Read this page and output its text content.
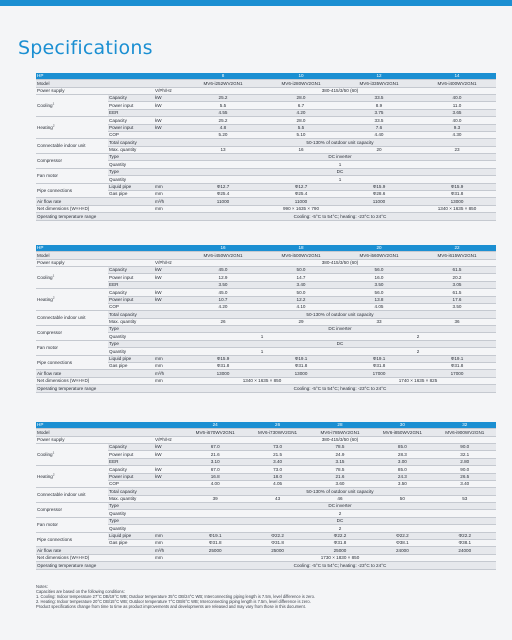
Specifications
HP			8	10	12	14
Model			MV6-i252WV2GN1	MV6-i280WV2GN1	MV6-i335WV2GN1	MV6-i400WV2GN1
Power supply		V/Ph/Hz	380-415/3/50 (60)			
Cooling$^1$	Capacity	kW	25.2	28.0	33.5	40.0
	Power input	kW	5.5	6.7	8.9	11.0
	EER		4.55	4.20	3.75	3.65
Heating$^2$	Capacity	kW	25.2	28.0	33.5	40.0
	Power input	kW	4.8	5.5	7.6	9.3
	COP		5.20	5.10	4.40	4.30
Connectable indoor unit	Total capacity		50-130% of outdoor unit capacity			
	Max. quantity		13	16	20	23
Compressor	Type		DC inverter			
	Quantity		1			
Fan motor	Type		DC			
	Quantity		1			
Pipe connections	Liquid pipe	mm	Φ12.7	Φ12.7	Φ15.9	Φ15.9
	Gas pipe	mm	Φ25.4	Φ25.4	Φ28.6	Φ31.8
Air flow rate		m³/h	11000	11000	11000	13000
Net dimensions (W×H×D)		mm	990 × 1635 × 790			1340 × 1635 × 850
Operating temperature range			Cooling: -5°C to 54°C; heating: -23°C to 24°C			
HP			16	18	20	22
Model			MV6-i450WV2GN1	MV6-i500WV2GN1	MV6-i560WV2GN1	MV6-i615WV2GN1
Power supply		V/Ph/Hz	380-415/3/50 (60)			
Cooling$^1$	Capacity	kW	45.0	50.0	56.0	61.5
	Power input	kW	12.9	14.7	16.0	20.2
	EER		3.50	3.40	3.50	3.05
Heating$^2$	Capacity	kW	45.0	50.0	56.0	61.5
	Power input	kW	10.7	12.2	13.8	17.6
	COP		4.20	4.10	4.05	3.50
Connectable indoor unit	Total capacity		50-130% of outdoor unit capacity			
	Max. quantity		26	29	33	36
Compressor	Type		DC inverter			
	Quantity		1		2	
Fan motor	Type		DC			
	Quantity		1		2	
Pipe connections	Liquid pipe	mm	Φ15.9	Φ19.1	Φ19.1	Φ19.1
	Gas pipe	mm	Φ31.8	Φ31.8	Φ31.8	Φ31.8
Air flow rate		m³/h	13000	13000	17000	17000
Net dimensions (W×H×D)		mm	1340 × 1635 × 850		1740 × 1635 × 825	
Operating temperature range			Cooling: -5°C to 54°C; heating: -23°C to 24°C			
HP			24	26	28	30	32
Model			MV6-i670WV2GN1	MV6-i730WV2GN1	MV6-i785WV2GN1	MV6-i850WV2GN1	MV6-i900WV2GN1
Power supply		V/Ph/Hz	380-415/3/50 (60)				
Cooling$^1$	Capacity	kW	67.0	73.0	78.5	85.0	90.0
	Power input	kW	21.6	21.5	24.9	28.3	32.1
	EER		3.10	3.40	3.15	3.00	2.80
Heating$^2$	Capacity	kW	67.0	73.0	78.5	85.0	90.0
	Power input	kW	16.8	18.0	21.6	24.3	26.5
	COP		4.00	4.05	3.60	3.50	3.40
Connectable indoor unit	Total capacity		50-130% of outdoor unit capacity				
	Max. quantity		39	43	46	50	53
Compressor	Type		DC inverter				
	Quantity		2				
Fan motor	Type		DC				
	Quantity		2				
Pipe connections	Liquid pipe	mm	Φ19.1	Φ22.2	Φ22.2	Φ22.2	Φ22.2
	Gas pipe	mm	Φ31.8	Φ31.8	Φ31.8	Φ38.1	Φ38.1
Air flow rate		m³/h	25000	25000	25000	24000	24000
Net dimensions (W×H×D)		mm	1730 × 1830 × 850				
Operating temperature range			Cooling: -5°C to 54°C; heating: -23°C to 24°C				
Notes:
Capacities are based on the following conditions:
1. Cooling: Indoor temperature 27°C DB/19°C WB; Outdoor temperature 35°C DB/24°C WB; Interconnecting piping length is 7.5m, level difference is zero.
2. Heating: Indoor temperature 20°C DB/15°C WB; Outdoor temperature 7°C DB/6°C WB; Interconnecting piping length is 7.5m, level difference is zero.
Product specifications change from time to time as product improvements and developments are released and may vary from those in this document.
